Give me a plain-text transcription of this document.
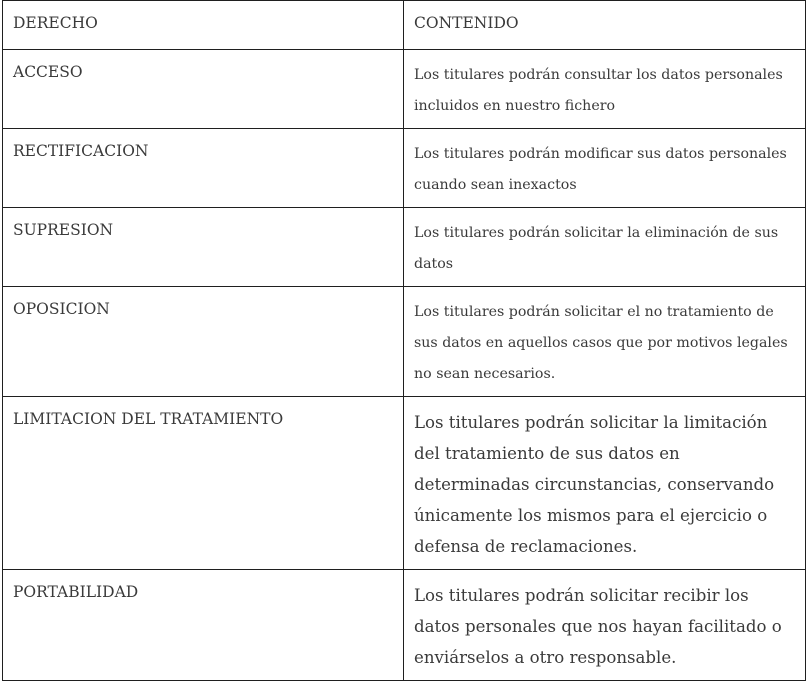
DERECHO	CONTENIDO
ACCESO	Los titulares podrán consultar los datos personales incluidos en nuestro fichero
RECTIFICACION	Los titulares podrán modificar sus datos personales cuando sean inexactos
SUPRESION	Los titulares podrán solicitar la eliminación de sus datos
OPOSICION	Los titulares podrán solicitar el no tratamiento de sus datos en aquellos casos que por motivos legales no sean necesarios.
LIMITACION DEL TRATAMIENTO	Los titulares podrán solicitar la limitación del tratamiento de sus datos en determinadas circunstancias, conservando únicamente los mismos para el ejercicio o defensa de reclamaciones.
PORTABILIDAD	Los titulares podrán solicitar recibir los datos personales que nos hayan facilitado o enviárselos a otro responsable.
